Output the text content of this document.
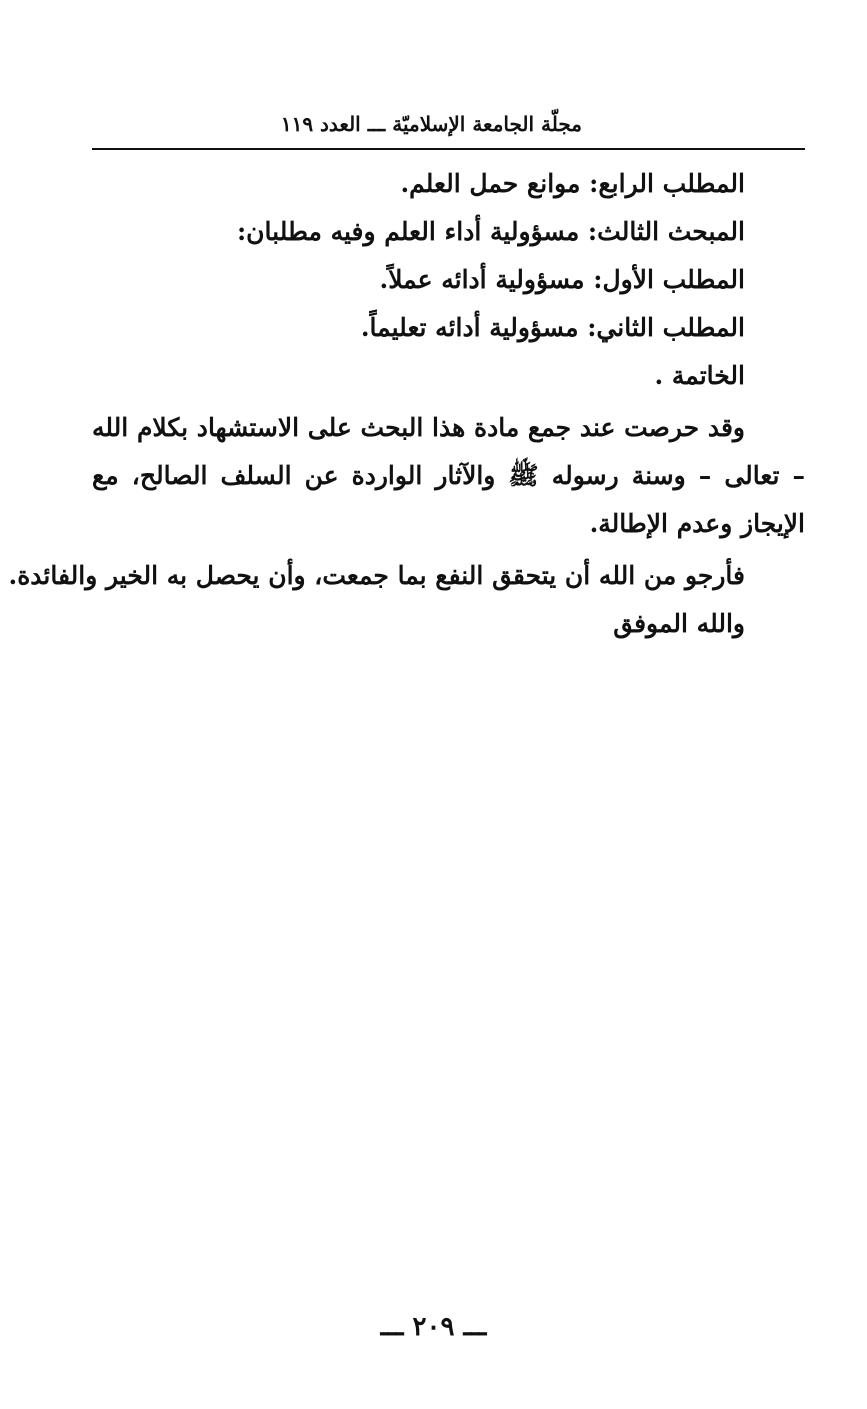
مجلّة الجامعة الإسلاميّة ـــ العدد ١١٩
المطلب الرابع: موانع حمل العلم.
المبحث الثالث: مسؤولية أداء العلم وفيه مطلبان:
المطلب الأول: مسؤولية أدائه عملاً.
المطلب الثاني: مسؤولية أدائه تعليماً.
الخاتمة .
وقد حرصت عند جمع مادة هذا البحث على الاستشهاد بكلام الله – تعالى – وسنة رسوله ﷺ والآثار الواردة عن السلف الصالح، مع الإيجاز وعدم الإطالة.
فأرجو من الله أن يتحقق النفع بما جمعت، وأن يحصل به الخير والفائدة.
والله الموفق
ـــ ٢٠٩ ـــ
